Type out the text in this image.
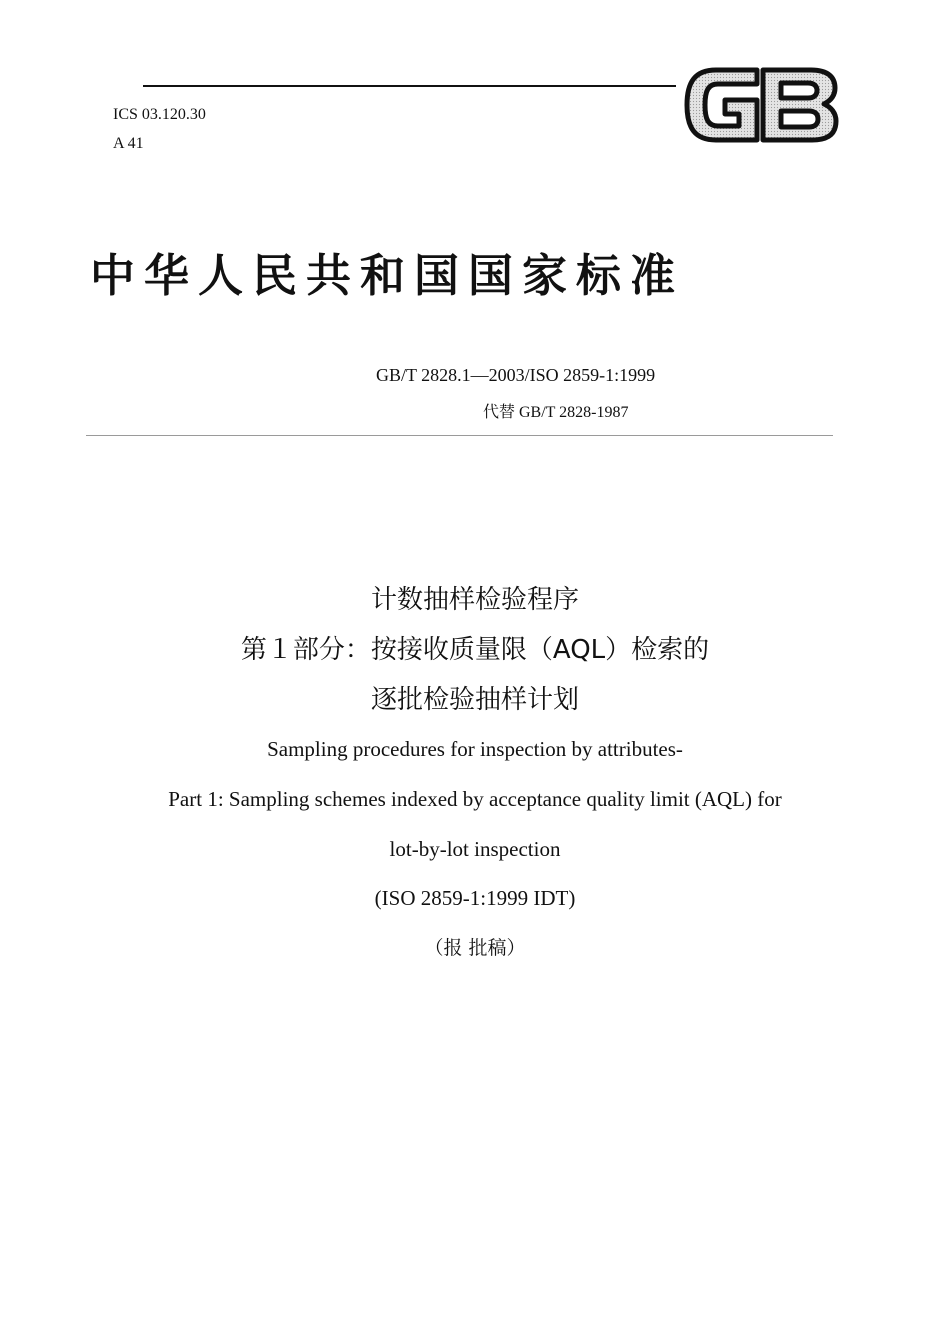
ICS 03.120.30
A 41
中华人民共和国国家标准
GB/T 2828.1—2003/ISO 2859-1:1999
代替 GB/T 2828-1987
计数抽样检验程序
第１部分：按接收质量限（AQL）检索的
逐批检验抽样计划
Sampling procedures for inspection by attributes-
Part 1: Sampling schemes indexed by acceptance quality limit (AQL) for
lot-by-lot inspection
(ISO 2859-1:1999 IDT)
（报 批稿）
